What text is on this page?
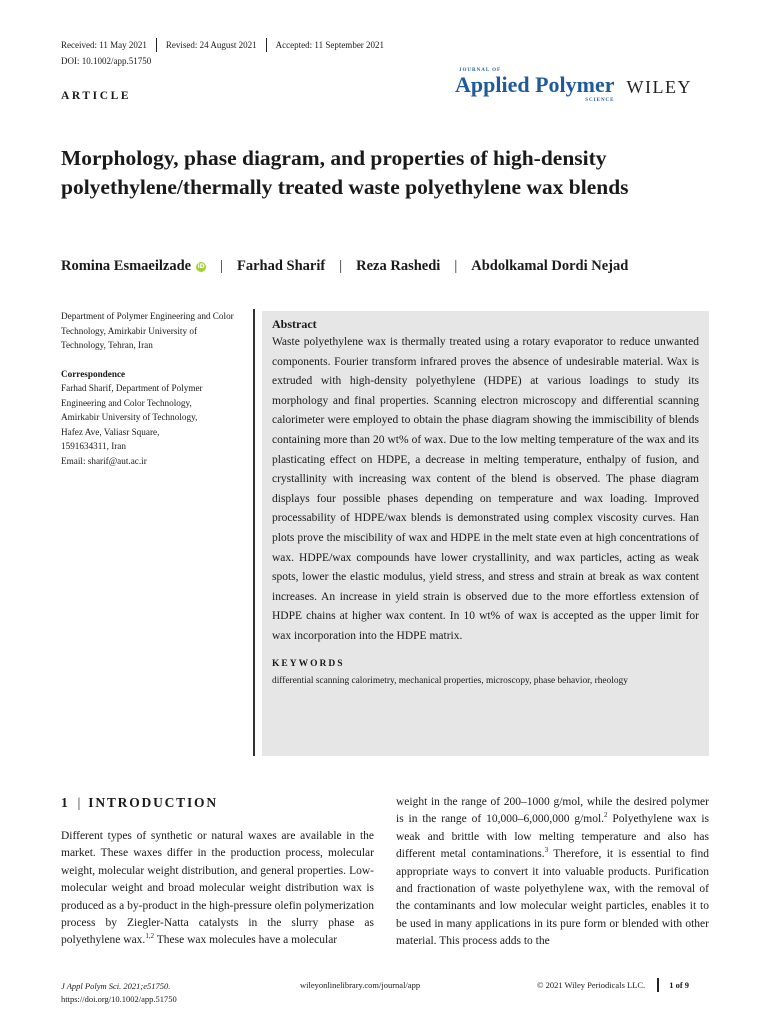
Received: 11 May 2021 Revised: 24 August 2021 Accepted: 11 September 2021
DOI: 10.1002/app.51750
ARTICLE
JOURNAL OF
Applied Polymer
SCIENCE
WILEY
Morphology, phase diagram, and properties of high-density polyethylene/thermally treated waste polyethylene wax blends
Romina Esmaeilzade iD | Farhad Sharif | Reza Rashedi | Abdolkamal Dordi Nejad

Department of Polymer Engineering and Color Technology, Amirkabir University of Technology, Tehran, Iran

Correspondence
Farhad Sharif, Department of Polymer
Engineering and Color Technology,
Amirkabir University of Technology,
Hafez Ave, Valiasr Square,
1591634311, Iran
Email: sharif@aut.ac.ir
Abstract
Waste polyethylene wax is thermally treated using a rotary evaporator to reduce unwanted components. Fourier transform infrared proves the absence of undesirable material. Wax is extruded with high-density polyethylene (HDPE) at various loadings to study its morphology and final properties. Scanning electron microscopy and differential scanning calorimeter were employed to obtain the phase diagram showing the immiscibility of blends containing more than 20 wt% of wax. Due to the low melting temperature of the wax and its plasticating effect on HDPE, a decrease in melting temperature, enthalpy of fusion, and crystallinity with increasing wax content of the blend is observed. The phase diagram displays four possible phases depending on temperature and wax loading. Improved processability of HDPE/wax blends is demonstrated using complex viscosity curves. Han plots prove the miscibility of wax and HDPE in the melt state even at high concentrations of wax. HDPE/wax compounds have lower crystallinity, and wax particles, acting as weak spots, lower the elastic modulus, yield stress, and stress and strain at break as wax content increases. An increase in yield strain is observed due to the more effortless extension of HDPE chains at higher wax content. In 10 wt% of wax is accepted as the upper limit for wax incorporation into the HDPE matrix.
KEYWORDS
differential scanning calorimetry, mechanical properties, microscopy, phase behavior, rheology
1 | INTRODUCTION
Different types of synthetic or natural waxes are available in the market. These waxes differ in the production process, molecular weight, molecular weight distribution, and general properties. Low-molecular weight and broad molecular weight distribution wax is produced as a by-product in the high-pressure olefin polymerization process by Ziegler-Natta catalysts in the slurry phase as polyethylene wax.$^{1,2}$ These wax molecules have a molecular
weight in the range of 200–1000 g/mol, while the desired polymer is in the range of 10,000–6,000,000 g/mol.$^2$ Polyethylene wax is weak and brittle with low melting temperature and also has different metal contaminations.$^3$ Therefore, it is essential to find appropriate ways to convert it into valuable products. Purification and fractionation of waste polyethylene wax, with the removal of the contaminants and low molecular weight particles, enables it to be used in many applications in its pure form or blended with other material. This process adds to the
J Appl Polym Sci. 2021;e51750.
https://doi.org/10.1002/app.51750
wileyonlinelibrary.com/journal/app	© 2021 Wiley Periodicals LLC.	1 of 9
